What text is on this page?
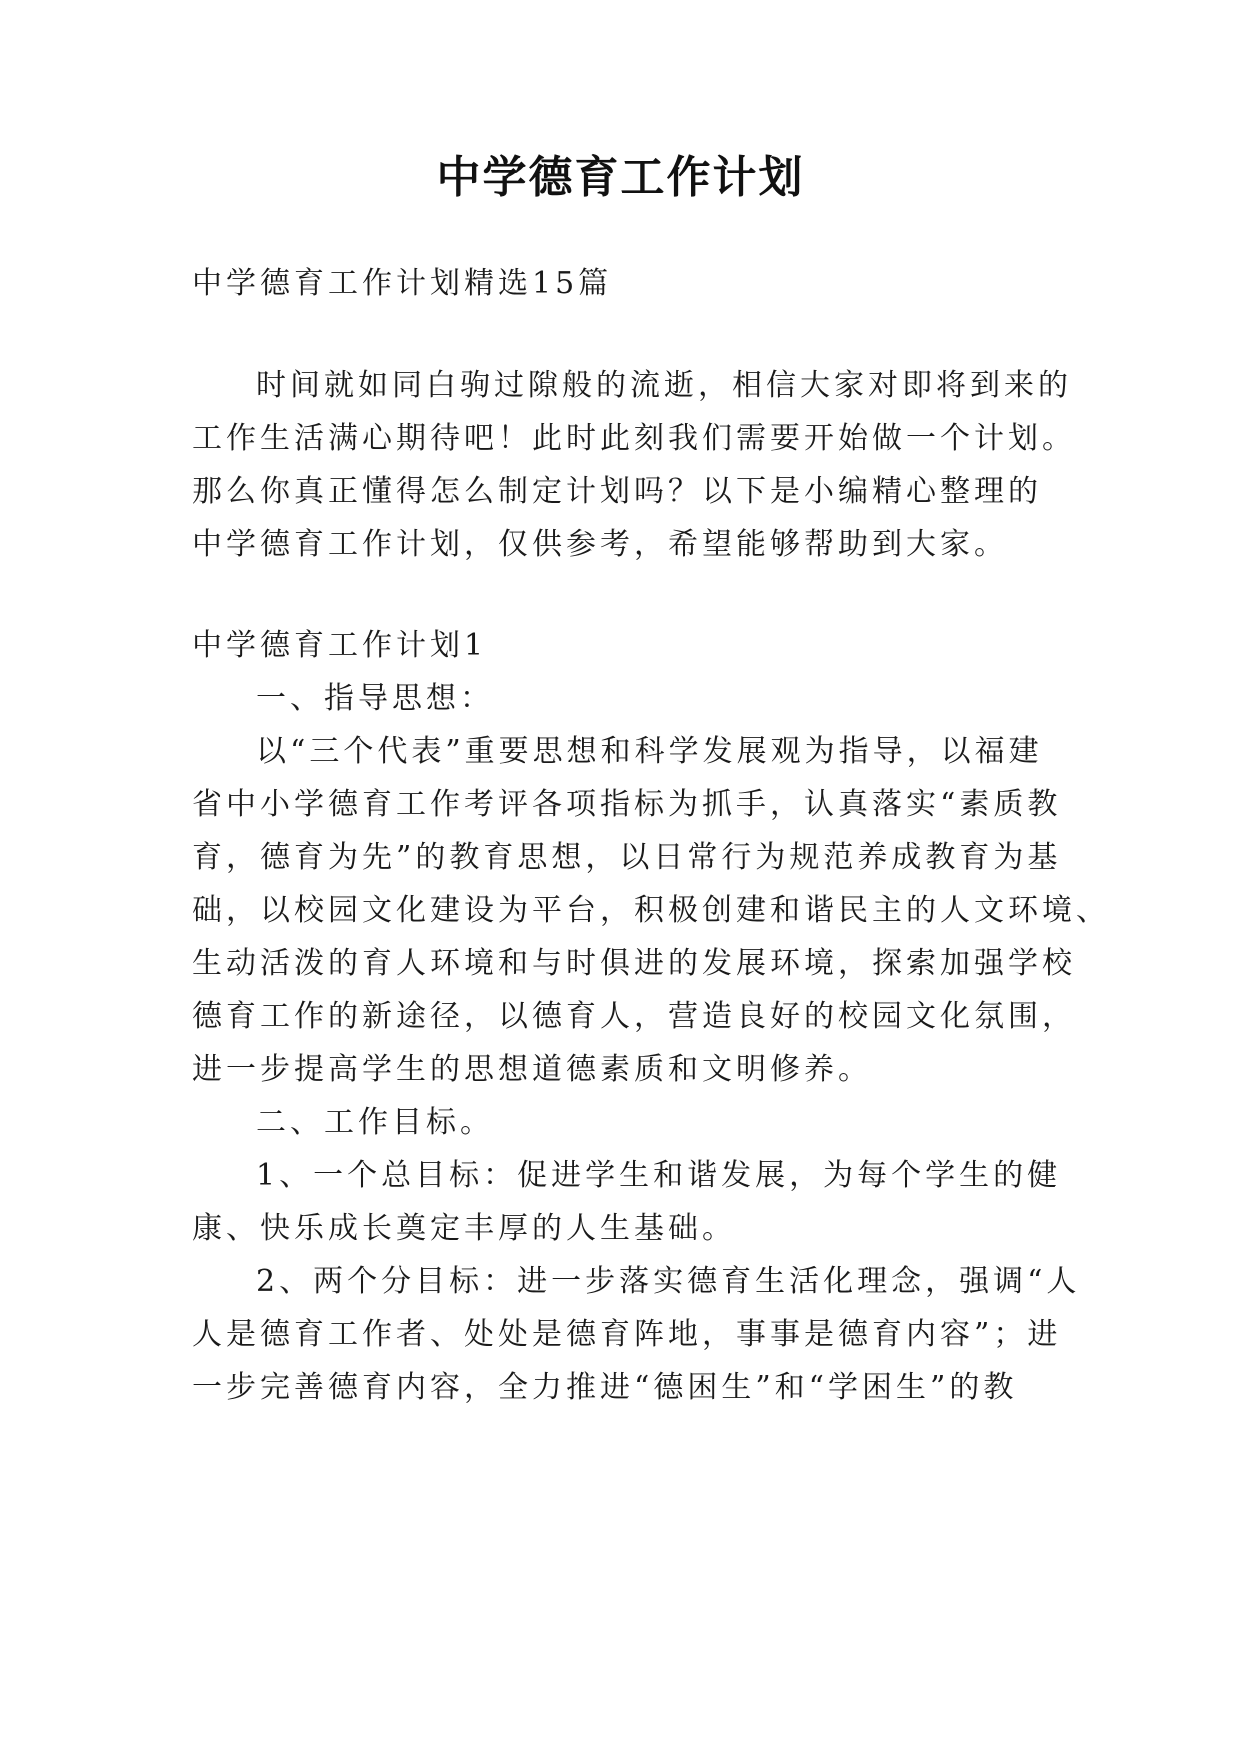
中学德育工作计划
中学德育工作计划精选15篇
时间就如同白驹过隙般的流逝，相信大家对即将到来的
工作生活满心期待吧！此时此刻我们需要开始做一个计划。
那么你真正懂得怎么制定计划吗？以下是小编精心整理的
中学德育工作计划，仅供参考，希望能够帮助到大家。
中学德育工作计划1
一、指导思想：
以“三个代表”重要思想和科学发展观为指导，以福建
省中小学德育工作考评各项指标为抓手，认真落实“素质教
育，德育为先”的教育思想，以日常行为规范养成教育为基
础，以校园文化建设为平台，积极创建和谐民主的人文环境、
生动活泼的育人环境和与时俱进的发展环境，探索加强学校
德育工作的新途径，以德育人，营造良好的校园文化氛围，
进一步提高学生的思想道德素质和文明修养。
二、工作目标。
1、一个总目标：促进学生和谐发展，为每个学生的健
康、快乐成长奠定丰厚的人生基础。
2、两个分目标：进一步落实德育生活化理念，强调“人
人是德育工作者、处处是德育阵地，事事是德育内容”；进
一步完善德育内容，全力推进“德困生”和“学困生”的教
